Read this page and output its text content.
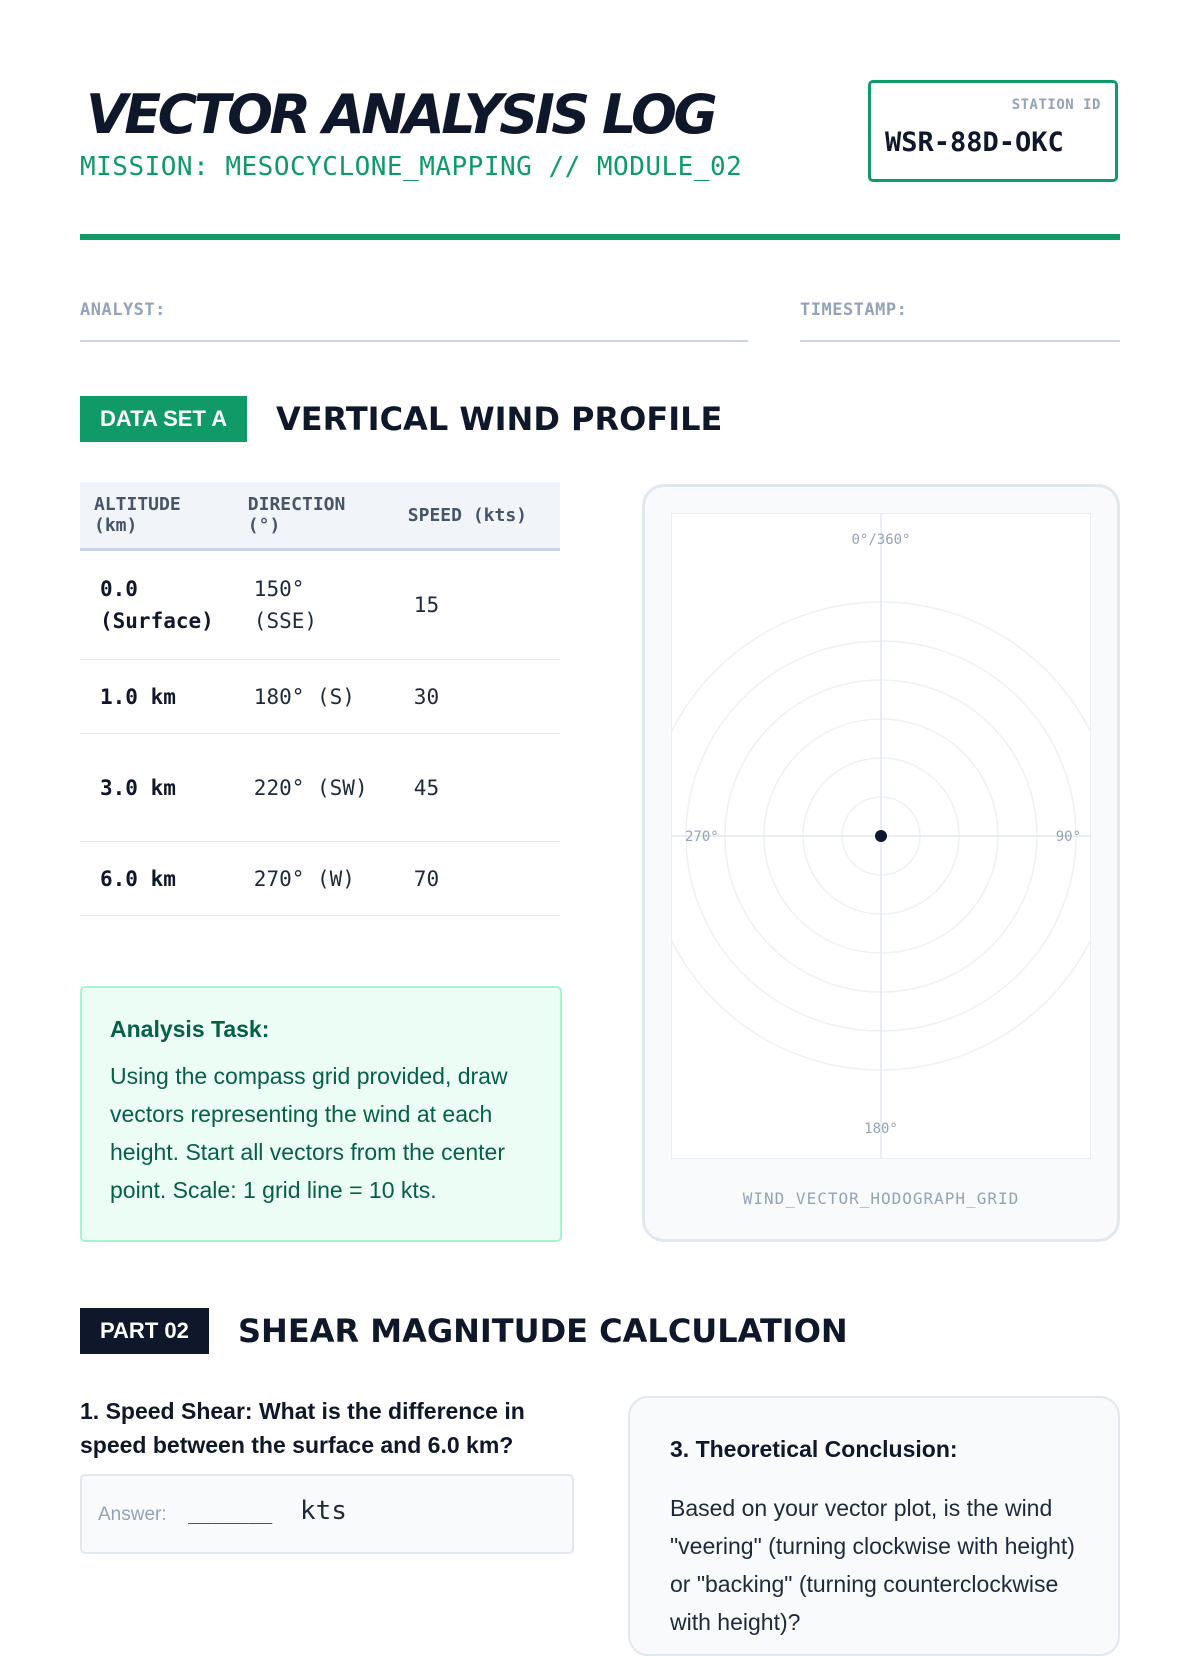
VECTOR ANALYSIS LOG
MISSION: MESOCYCLONE_MAPPING // MODULE_02
STATION ID
WSR-88D-OKC
ANALYST:	TIMESTAMP:
DATA SET A	VERTICAL WIND PROFILE
ALTITUDE (km)	DIRECTION (°)	SPEED (kts)
0.0 (Surface)	150° (SSE)	15
1.0 km	180° (S)	30
3.0 km	220° (SW)	45
6.0 km	270° (W)	70
Analysis Task:
Using the compass grid provided, draw vectors representing the wind at each height. Start all vectors from the center point. Scale: 1 grid line = 10 kts.
0°/360°
90°
180°
270°
WIND_VECTOR_HODOGRAPH_GRID
PART 02	SHEAR MAGNITUDE CALCULATION
1. Speed Shear: What is the difference in speed between the surface and 6.0 km?
Answer: _______ kts
3. Theoretical Conclusion:
Based on your vector plot, is the wind "veering" (turning clockwise with height) or "backing" (turning counterclockwise with height)?
